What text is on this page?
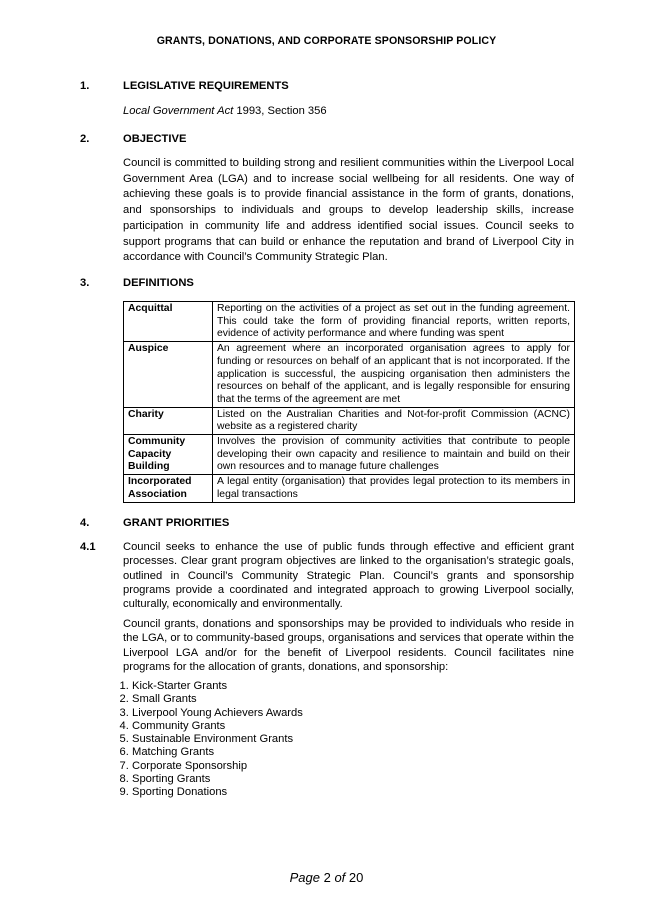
GRANTS, DONATIONS, AND CORPORATE SPONSORSHIP POLICY
1.	LEGISLATIVE REQUIREMENTS
Local Government Act 1993, Section 356
2.	OBJECTIVE

Council is committed to building strong and resilient communities within the Liverpool Local Government Area (LGA) and to increase social wellbeing for all residents. One way of achieving these goals is to provide financial assistance in the form of grants, donations, and sponsorships to individuals and groups to develop leadership skills, increase participation in community life and address identified social issues. Council seeks to support programs that can build or enhance the reputation and brand of Liverpool City in accordance with Council’s Community Strategic Plan.

3.	DEFINITIONS
Acquittal	Reporting on the activities of a project as set out in the funding agreement. This could take the form of providing financial reports, written reports, evidence of activity performance and where funding was spent
Auspice	An agreement where an incorporated organisation agrees to apply for funding or resources on behalf of an applicant that is not incorporated. If the application is successful, the auspicing organisation then administers the resources on behalf of the applicant, and is legally responsible for ensuring that the terms of the agreement are met
Charity	Listed on the Australian Charities and Not-for-profit Commission (ACNC) website as a registered charity
Community Capacity Building	Involves the provision of community activities that contribute to people developing their own capacity and resilience to maintain and build on their own resources and to manage future challenges
Incorporated Association	A legal entity (organisation) that provides legal protection to its members in legal transactions
4.	GRANT PRIORITIES
4.1 Council seeks to enhance the use of public funds through effective and efficient grant processes. Clear grant program objectives are linked to the organisation’s strategic goals, outlined in Council’s Community Strategic Plan. Council’s grants and sponsorship programs provide a coordinated and integrated approach to growing Liverpool socially, culturally, economically and environmentally.

Council grants, donations and sponsorships may be provided to individuals who reside in the LGA, or to community-based groups, organisations and services that operate within the Liverpool LGA and/or for the benefit of Liverpool residents. Council facilitates nine programs for the allocation of grants, donations, and sponsorship:

1. Kick-Starter Grants
2. Small Grants
3. Liverpool Young Achievers Awards
4. Community Grants
5. Sustainable Environment Grants
6. Matching Grants
7. Corporate Sponsorship
8. Sporting Grants
9. Sporting Donations
Page 2 of 20
